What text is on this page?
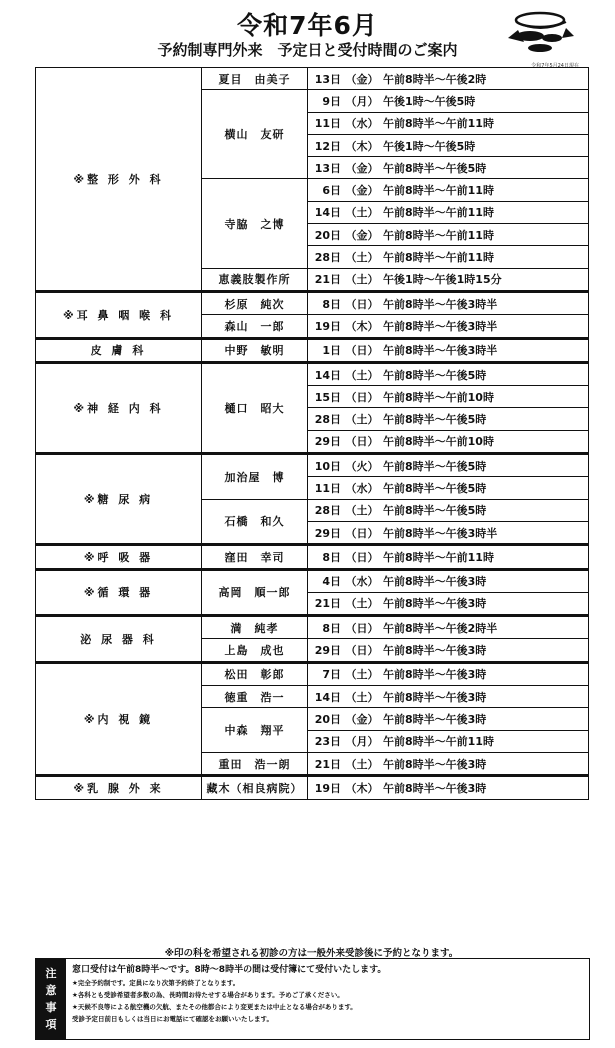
令和7年6月
予約制専門外来　予定日と受付時間のご案内
令和7年5月24日現在
※整 形 外 科	夏目　由美子	13日 （金） 午前8時半～午後2時
	横山　友研	9日 （月） 午後1時～午後5時
		11日 （水） 午前8時半～午前11時
		12日 （木） 午後1時～午後5時
		13日 （金） 午前8時半～午後5時
	寺脇　之博	6日 （金） 午前8時半～午前11時
		14日 （土） 午前8時半～午前11時
		20日 （金） 午前8時半～午前11時
		28日 （土） 午前8時半～午前11時
	恵義肢製作所	21日 （土） 午後1時～午後1時15分
※耳 鼻 咽 喉 科	杉原　純次	8日 （日） 午前8時半～午後3時半
	森山　一郎	19日 （木） 午前8時半～午後3時半
皮 膚 科	中野　敏明	1日 （日） 午前8時半～午後3時半
※神 経 内 科	樋口　昭大	14日 （土） 午前8時半～午後5時
		15日 （日） 午前8時半～午前10時
		28日 （土） 午前8時半～午後5時
		29日 （日） 午前8時半～午前10時
※糖 尿 病	加治屋　博	10日 （火） 午前8時半～午後5時
		11日 （水） 午前8時半～午後5時
	石橋　和久	28日 （土） 午前8時半～午後5時
		29日 （日） 午前8時半～午後3時半
※呼 吸 器	窪田　幸司	8日 （日） 午前8時半～午前11時
※循 環 器	高岡　順一郎	4日 （水） 午前8時半～午後3時
		21日 （土） 午前8時半～午後3時
泌 尿 器 科	満　純孝	8日 （日） 午前8時半～午後2時半
	上島　成也	29日 （日） 午前8時半～午後3時
※内 視 鏡	松田　彰郎	7日 （土） 午前8時半～午後3時
	徳重　浩一	14日 （土） 午前8時半～午後3時
	中森　翔平	20日 （金） 午前8時半～午後3時
		23日 （月） 午前8時半～午前11時
	重田　浩一朗	21日 （土） 午前8時半～午後3時
※乳 腺 外 来	藏木（相良病院）	19日 （木） 午前8時半～午後3時
※印の科を希望される初診の方は一般外来受診後に予約となります。
注
意
事
項
窓口受付は午前8時半～です。8時～8時半の間は受付簿にて受付いたします。
★完全予約制です。定員になり次第予約終了となります。
★各科とも受診希望者多数の為、長時間お待たせする場合があります。予めご了承ください。
★天候不良等による航空機の欠航、またその他都合により変更または中止となる場合があります。
受診予定日前日もしくは当日にお電話にて確認をお願いいたします。
